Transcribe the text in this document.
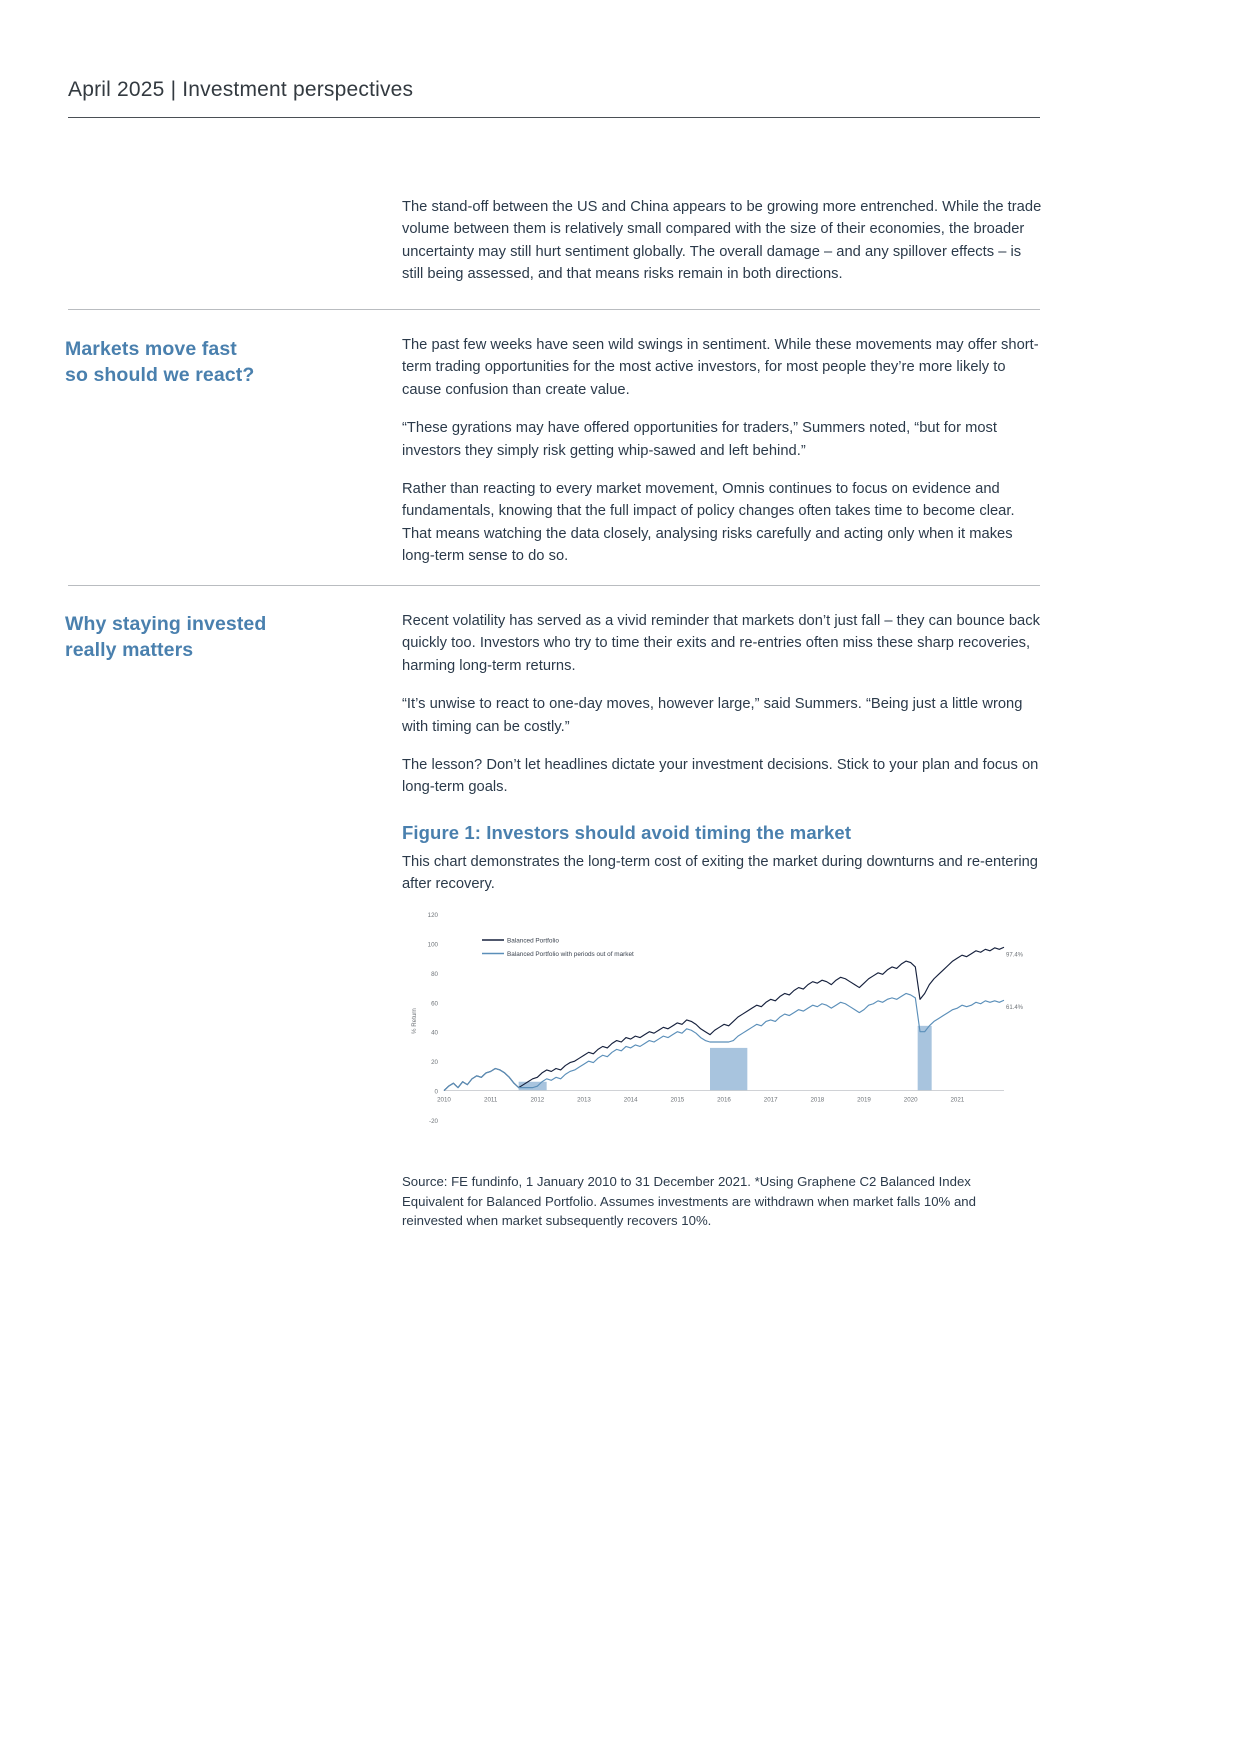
April 2025 | Investment perspectives

The stand-off between the US and China appears to be growing more entrenched. While the trade volume between them is relatively small compared with the size of their economies, the broader uncertainty may still hurt sentiment globally. The overall damage – and any spillover effects – is still being assessed, and that means risks remain in both directions.

Markets move fast
so should we react?

The past few weeks have seen wild swings in sentiment. While these movements may offer short-term trading opportunities for the most active investors, for most people they’re more likely to cause confusion than create value.

“These gyrations may have offered opportunities for traders,” Summers noted, “but for most investors they simply risk getting whip-sawed and left behind.”

Rather than reacting to every market movement, Omnis continues to focus on evidence and fundamentals, knowing that the full impact of policy changes often takes time to become clear. That means watching the data closely, analysing risks carefully and acting only when it makes long-term sense to do so.

Why staying invested
really matters

Recent volatility has served as a vivid reminder that markets don’t just fall – they can bounce back quickly too. Investors who try to time their exits and re-entries often miss these sharp recoveries, harming long-term returns.

“It’s unwise to react to one-day moves, however large,” said Summers. “Being just a little wrong with timing can be costly.”

The lesson? Don’t let headlines dictate your investment decisions. Stick to your plan and focus on long-term goals.

Figure 1: Investors should avoid timing the market

This chart demonstrates the long-term cost of exiting the market during downturns and re-entering after recovery.

-20
0
20
40
60
80
100
120
% Return
2010	2011	2012	2013	2014	2015	2016	2017	2018	2019	2020	2021
97.4%
61.4%
Balanced Portfolio
Balanced Portfolio with periods out of market
Source: FE fundinfo, 1 January 2010 to 31 December 2021. *Using Graphene C2 Balanced Index Equivalent for Balanced Portfolio. Assumes investments are withdrawn when market falls 10% and reinvested when market subsequently recovers 10%.
